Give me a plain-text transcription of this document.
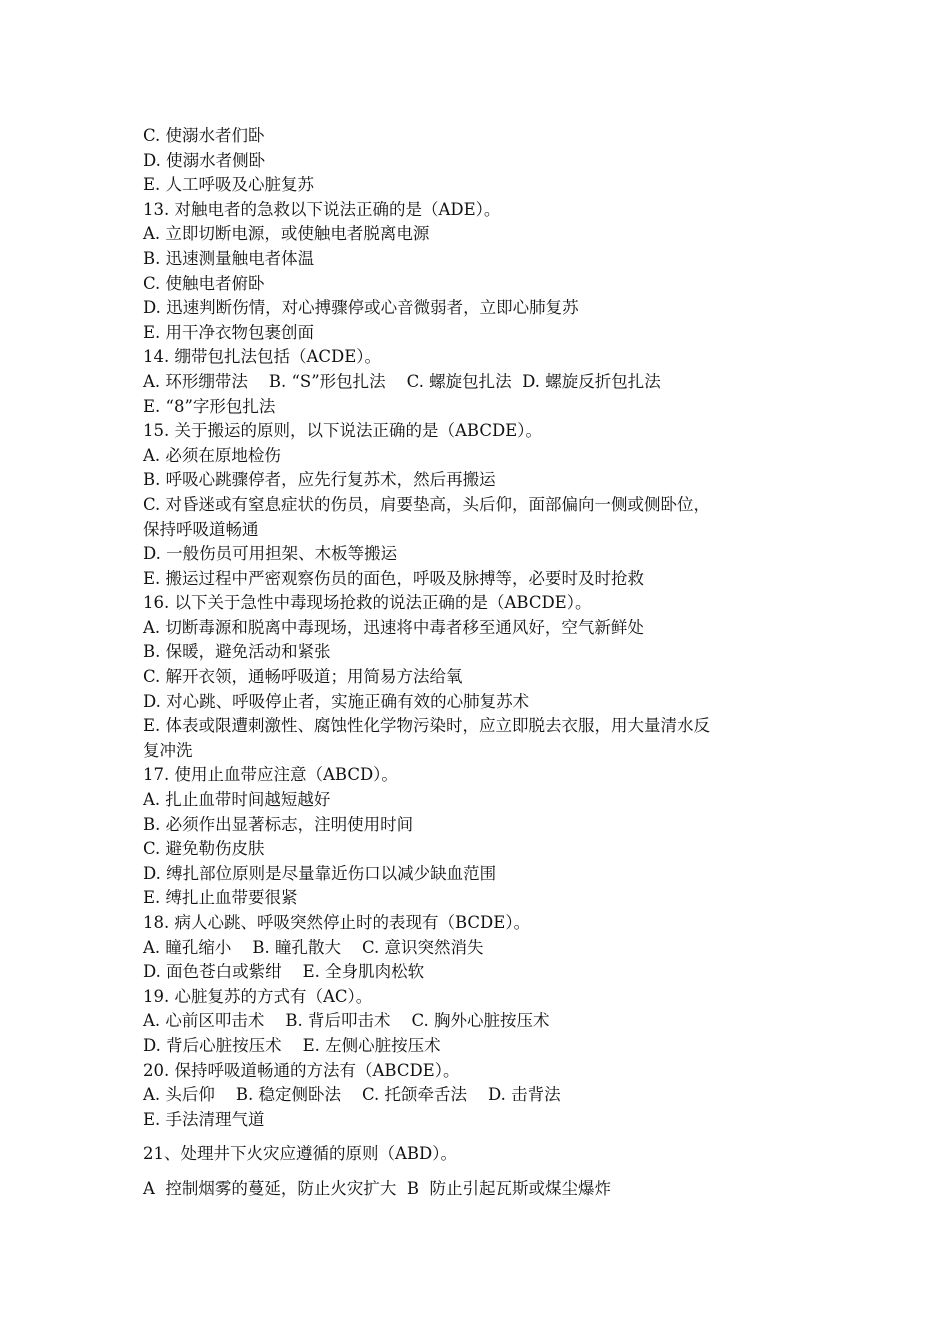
C. 使溺水者们卧
D. 使溺水者侧卧
E. 人工呼吸及心脏复苏
13. 对触电者的急救以下说法正确的是（ADE）。
A. 立即切断电源，或使触电者脱离电源
B. 迅速测量触电者体温
C. 使触电者俯卧
D. 迅速判断伤情，对心搏骤停或心音微弱者，立即心肺复苏
E. 用干净衣物包裹创面
14. 绷带包扎法包括（ACDE）。
A. 环形绷带法    B. “S”形包扎法    C. 螺旋包扎法  D. 螺旋反折包扎法
E. “8”字形包扎法
15. 关于搬运的原则，以下说法正确的是（ABCDE）。
A. 必须在原地检伤
B. 呼吸心跳骤停者，应先行复苏术，然后再搬运
C. 对昏迷或有窒息症状的伤员，肩要垫高，头后仰，面部偏向一侧或侧卧位，
保持呼吸道畅通
D. 一般伤员可用担架、木板等搬运
E. 搬运过程中严密观察伤员的面色，呼吸及脉搏等，必要时及时抢救
16. 以下关于急性中毒现场抢救的说法正确的是（ABCDE）。
A. 切断毒源和脱离中毒现场，迅速将中毒者移至通风好，空气新鲜处
B. 保暖，避免活动和紧张
C. 解开衣领，通畅呼吸道；用简易方法给氧
D. 对心跳、呼吸停止者，实施正确有效的心肺复苏术
E. 体表或限遭刺激性、腐蚀性化学物污染时，应立即脱去衣服，用大量清水反
复冲洗
17. 使用止血带应注意（ABCD）。
A. 扎止血带时间越短越好
B. 必须作出显著标志，注明使用时间
C. 避免勒伤皮肤
D. 缚扎部位原则是尽量靠近伤口以减少缺血范围
E. 缚扎止血带要很紧
18. 病人心跳、呼吸突然停止时的表现有（BCDE）。
A. 瞳孔缩小    B. 瞳孔散大    C. 意识突然消失
D. 面色苍白或紫绀    E. 全身肌肉松软
19. 心脏复苏的方式有（AC）。
A. 心前区叩击术    B. 背后叩击术    C. 胸外心脏按压术
D. 背后心脏按压术    E. 左侧心脏按压术
20. 保持呼吸道畅通的方法有（ABCDE）。
A. 头后仰    B. 稳定侧卧法    C. 托颌牵舌法    D. 击背法
E. 手法清理气道
21、处理井下火灾应遵循的原则（ABD）。
A  控制烟雾的蔓延，防止火灾扩大  B  防止引起瓦斯或煤尘爆炸
